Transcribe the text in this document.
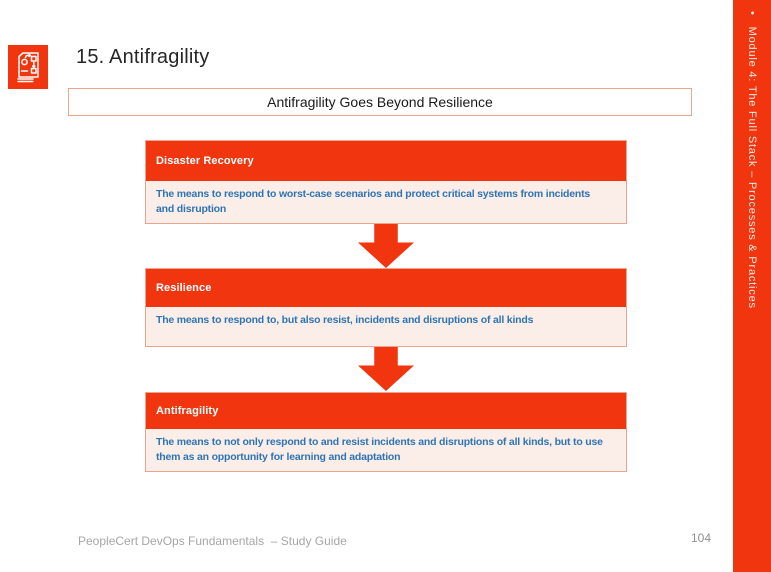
15. Antifragility
Antifragility Goes Beyond Resilience
Disaster Recovery
The means to respond to worst-case scenarios and protect critical systems from incidents and disruption
Resilience
The means to respond to, but also resist, incidents and disruptions of all kinds
Antifragility
The means to not only respond to and resist incidents and disruptions of all kinds, but to use them as an opportunity for learning and adaptation
•Module 4: The Full Stack – Processes & Practices
PeopleCert DevOps Fundamentals  – Study Guide	104
